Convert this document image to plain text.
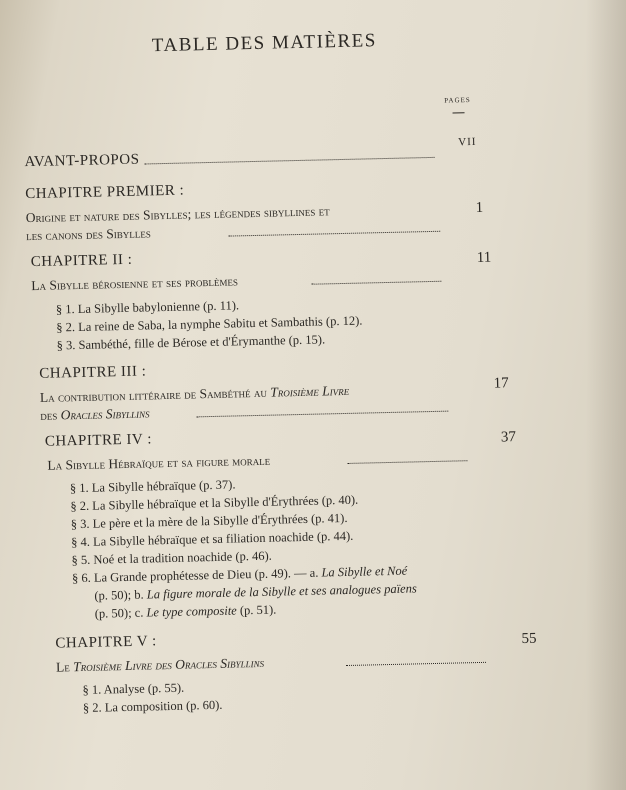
TABLE DES MATIÈRES
PAGES
AVANT-PROPOS
VII
CHAPITRE PREMIER :
Origine et nature des Sibylles; les légendes sibyllines et
les canons des Sibylles
1
CHAPITRE II :
La Sibylle bérosienne et ses problèmes
11
§ 1. La Sibylle babylonienne (p. 11).
§ 2. La reine de Saba, la nymphe Sabitu et Sambathis (p. 12).
§ 3. Sambéthé, fille de Bérose et d'Érymanthe (p. 15).
CHAPITRE III :
La contribution littéraire de Sambéthé au Troisième Livre
des Oracles Sibyllins
17
CHAPITRE IV :
La Sibylle Hébraïque et sa figure morale
37
§ 1. La Sibylle hébraïque (p. 37).
§ 2. La Sibylle hébraïque et la Sibylle d'Érythrées (p. 40).
§ 3. Le père et la mère de la Sibylle d'Érythrées (p. 41).
§ 4. La Sibylle hébraïque et sa filiation noachide (p. 44).
§ 5. Noé et la tradition noachide (p. 46).
§ 6. La Grande prophétesse de Dieu (p. 49). — a. La Sibylle et Noé
(p. 50); b. La figure morale de la Sibylle et ses analogues païens
(p. 50); c. Le type composite (p. 51).
CHAPITRE V :
Le Troisième Livre des Oracles Sibyllins
55
§ 1. Analyse (p. 55).
§ 2. La composition (p. 60).
